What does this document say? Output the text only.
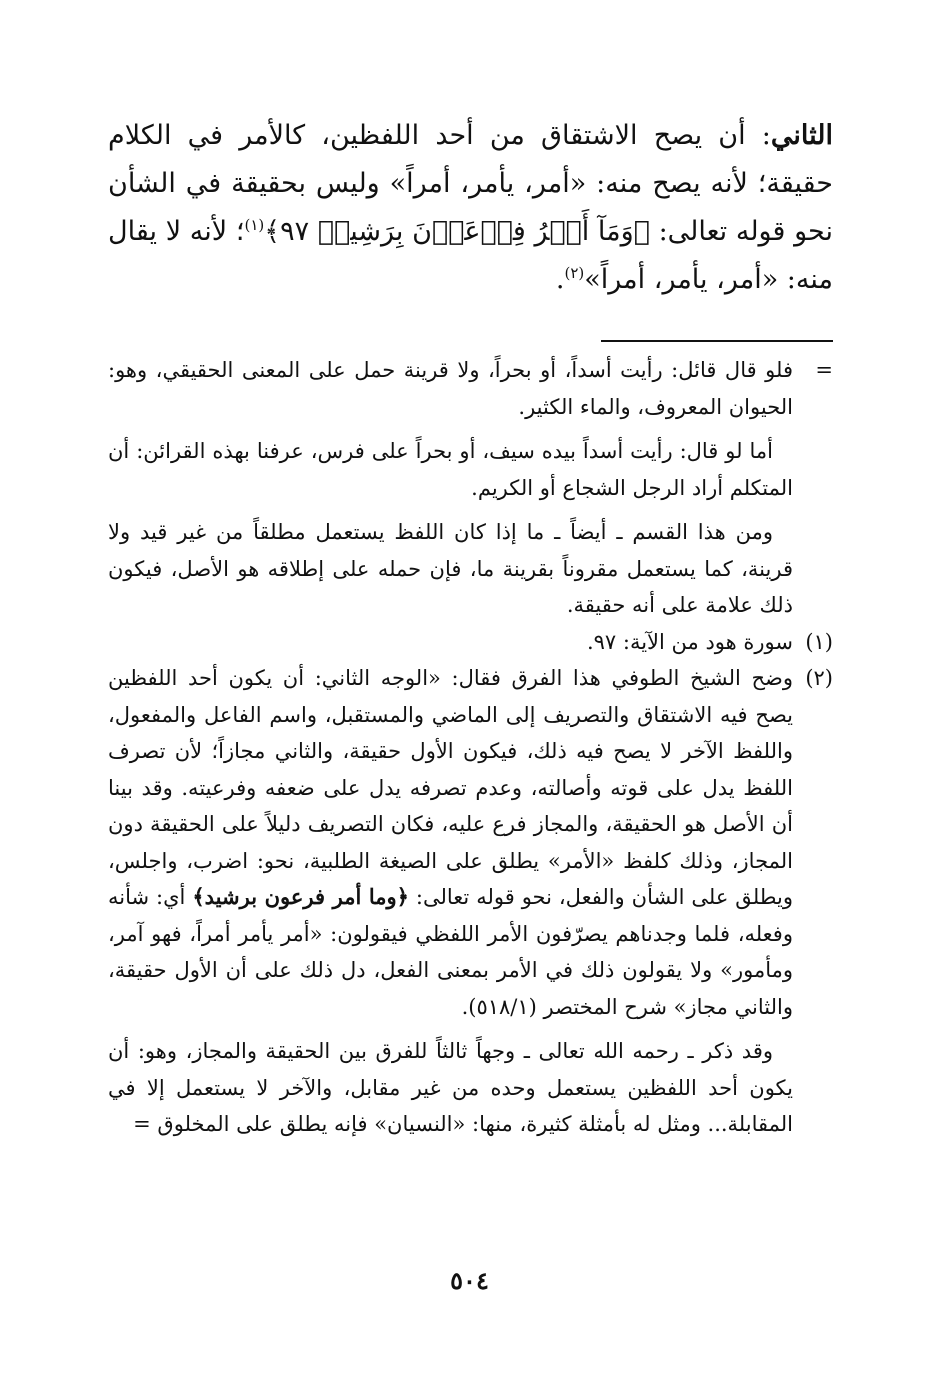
الثاني: أن يصح الاشتقاق من أحد اللفظين، كالأمر في الكلام حقيقة؛ لأنه يصح منه: «أمر، يأمر، أمراً» وليس بحقيقة في الشأن نحو قوله تعالى: ﴿وَمَآ أَمۡرُ فِرۡعَوۡنَ بِرَشِيدٖ ٩٧﴾$^{(١)}$؛ لأنه لا يقال منه: «أمر، يأمر، أمراً»$^{(٢)}$.

=
فلو قال قائل: رأيت أسداً، أو بحراً، ولا قرينة حمل على المعنى الحقيقي، وهو: الحيوان المعروف، والماء الكثير.

أما لو قال: رأيت أسداً بيده سيف، أو بحراً على فرس، عرفنا بهذه القرائن: أن المتكلم أراد الرجل الشجاع أو الكريم.

ومن هذا القسم ـ أيضاً ـ ما إذا كان اللفظ يستعمل مطلقاً من غير قيد ولا قرينة، كما يستعمل مقروناً بقرينة ما، فإن حمله على إطلاقه هو الأصل، فيكون ذلك علامة على أنه حقيقة.

(١)
سورة هود من الآية: ٩٧.

(٢)
وضح الشيخ الطوفي هذا الفرق فقال: «الوجه الثاني: أن يكون أحد اللفظين يصح فيه الاشتقاق والتصريف إلى الماضي والمستقبل، واسم الفاعل والمفعول، واللفظ الآخر لا يصح فيه ذلك، فيكون الأول حقيقة، والثاني مجازاً؛ لأن تصرف اللفظ يدل على قوته وأصالته، وعدم تصرفه يدل على ضعفه وفرعيته. وقد بينا أن الأصل هو الحقيقة، والمجاز فرع عليه، فكان التصريف دليلاً على الحقيقة دون المجاز، وذلك كلفظ «الأمر» يطلق على الصيغة الطلبية، نحو: اضرب، واجلس، ويطلق على الشأن والفعل، نحو قوله تعالى: ﴿وما أمر فرعون برشيد﴾ أي: شأنه وفعله، فلما وجدناهم يصرّفون الأمر اللفظي فيقولون: «أمر يأمر أمراً، فهو آمر، ومأمور» ولا يقولون ذلك في الأمر بمعنى الفعل، دل ذلك على أن الأول حقيقة، والثاني مجاز» شرح المختصر (٥١٨/١).

وقد ذكر ـ رحمه الله تعالى ـ وجهاً ثالثاً للفرق بين الحقيقة والمجاز، وهو: أن يكون أحد اللفظين يستعمل وحده من غير مقابل، والآخر لا يستعمل إلا في المقابلة... ومثل له بأمثلة كثيرة، منها: «النسيان» فإنه يطلق على المخلوق =

٥٠٤
